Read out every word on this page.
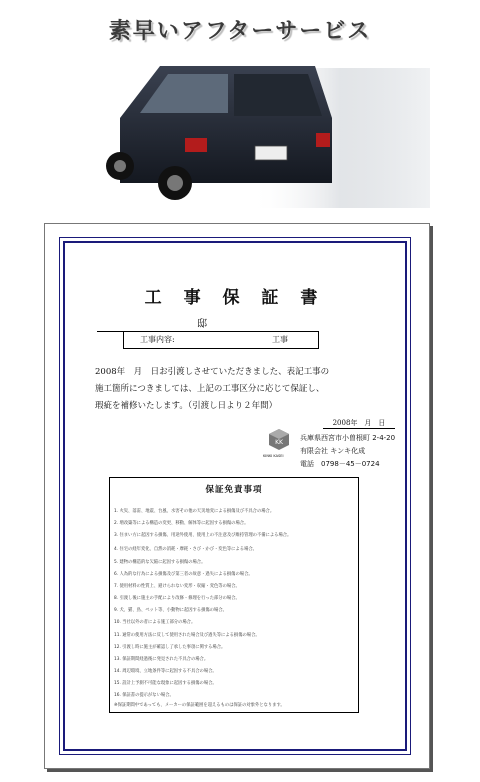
素早いアフターサービス
工 事 保 証 書
邸
工事内容:	工事
2008年　月　日お引渡しさせていただきました、表記工事の
施工箇所につきましては、上記の工事区分に応じて保証し、
瑕疵を補修いたします。（引渡し日より２年間）
2008年　月　日
KK
KINKI KASEI
兵庫県西宮市小曽根町 2-4-20
有限会社 キンキ化成
電話　0798－45－0724
保証免責事項
1. 火災、落雷、地震、台風、水害その他の天災地変による損傷及び不具合の場合。
2. 増改築等による構造の変更、移動、解体等に起因する損傷の場合。
3. 住まい方に起因する損傷、用途外使用、使用上の不注意及び維持管理の不備による場合。
4. 住宅の経年変化、自然の消耗・摩耗・さび・かび・変色等による場合。
5. 建物の構造的な欠陥に起因する損傷の場合。
6. 人為的な行為による損傷及び第三者の故意・過失による損傷の場合。
7. 使用材料の性質上、避けられない変形・収縮・変色等の場合。
8. 引渡し後に施主の手配により改修・修理を行った部分の場合。
9. 犬、猫、鳥、ペット等、小動物に起因する損傷の場合。
10. 当社以外の者による施工部分の場合。
11. 通常の使用方法に反して使用された場合及び過失等による損傷の場合。
12. 引渡し時に施主が確認し了承した事項に関する場合。
13. 保証期間経過後に発見された不具合の場合。
14. 周辺環境、立地条件等に起因する不具合の場合。
15. 設計上予測不可能な現象に起因する損傷の場合。
16. 保証書の提示がない場合。
※保証期間中であっても、メーカーの保証範囲を超えるものは保証の対象外となります。
